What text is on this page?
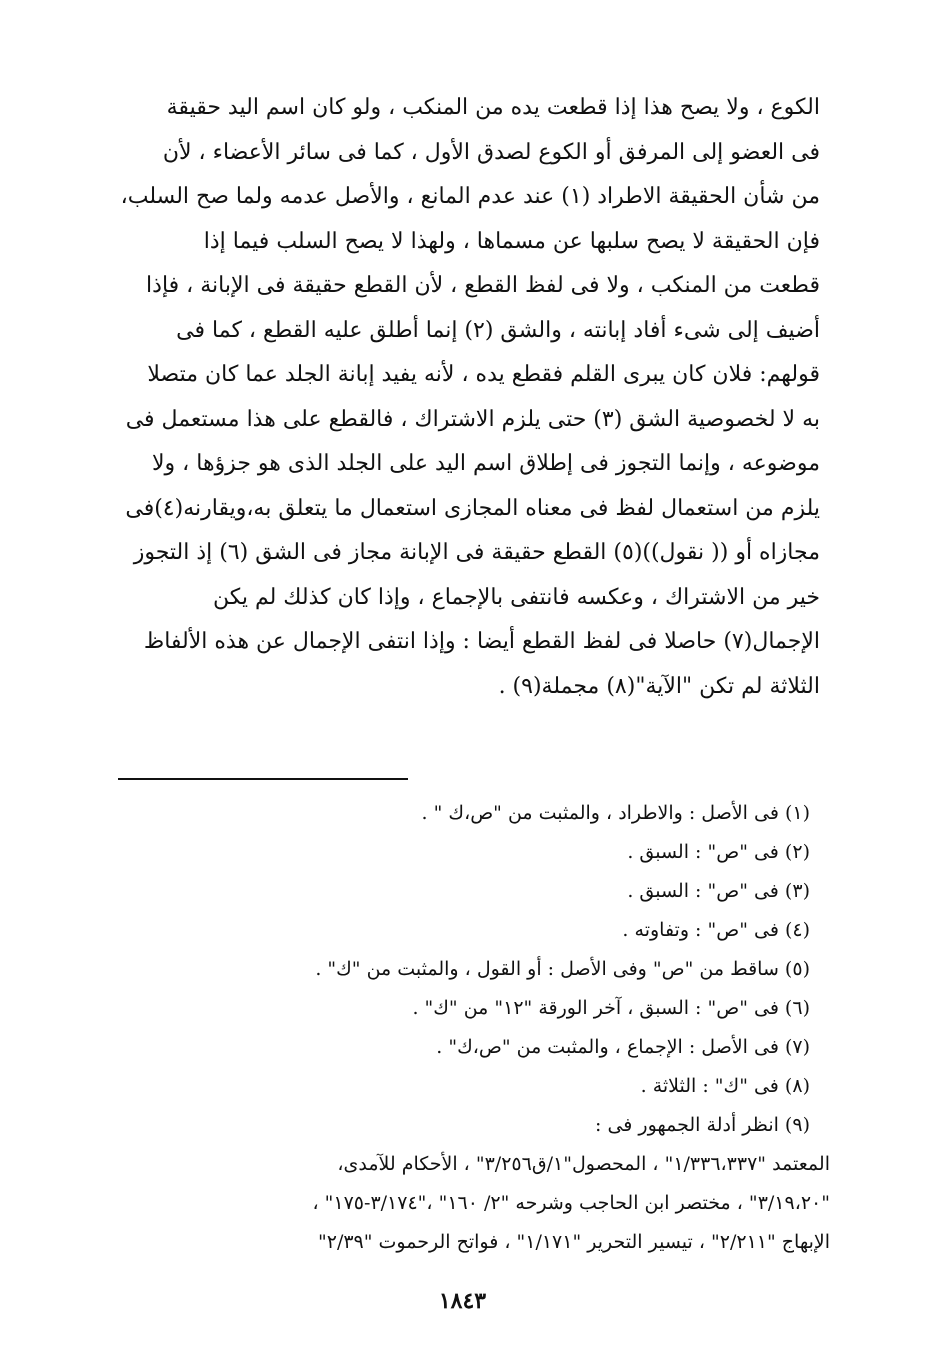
الكوع ، ولا يصح هذا إذا قطعت يده من المنكب ، ولو كان اسم اليد حقيقة
فى العضو إلى المرفق أو الكوع لصدق الأول ، كما فى سائر الأعضاء ، لأن
من شأن الحقيقة الاطراد (١) عند عدم المانع ، والأصل عدمه ولما صح السلب،
فإن الحقيقة لا يصح سلبها عن مسماها ، ولهذا لا يصح السلب فيما إذا
قطعت من المنكب ، ولا فى لفظ القطع ، لأن القطع حقيقة فى الإبانة ، فإذا
أضيف إلى شىء أفاد إبانته ، والشق (٢) إنما أطلق عليه القطع ، كما فى
قولهم: فلان كان يبرى القلم فقطع يده ، لأنه يفيد إبانة الجلد عما كان متصلا
به لا لخصوصية الشق (٣) حتى يلزم الاشتراك ، فالقطع على هذا مستعمل فى
موضوعه ، وإنما التجوز فى إطلاق اسم اليد على الجلد الذى هو جزؤها ، ولا
يلزم من استعمال لفظ فى معناه المجازى استعمال ما يتعلق به،ويقارنه(٤)فى
مجازاه أو (( نقول))(٥) القطع حقيقة فى الإبانة مجاز فى الشق (٦) إذ التجوز
خير من الاشتراك ، وعكسه فانتفى بالإجماع ، وإذا كان كذلك لم يكن
الإجمال(٧) حاصلا فى لفظ القطع أيضا : وإذا انتفى الإجمال عن هذه الألفاظ
الثلاثة لم تكن "الآية"(٨) مجملة(٩) .
(١) فى الأصل : والاطراد ، والمثبت من "ص،ك " .
(٢) فى "ص" : السبق .
(٣) فى "ص" : السبق .
(٤) فى "ص" : وتفاوته .
(٥) ساقط من "ص" وفى الأصل : أو القول ، والمثبت من "ك" .
(٦) فى "ص" : السبق ، آخر الورقة "١٢" من "ك" .
(٧) فى الأصل : الإجماع ، والمثبت من "ص،ك" .
(٨) فى "ك" : الثلاثة .
(٩) انظر أدلة الجمهور فى :
المعتمد "١/٣٣٦،٣٣٧" ، المحصول"١/ق٣/٢٥٦" ، الأحكام للآمدى،
"٣/١٩،٢٠" ، مختصر ابن الحاجب وشرحه "٢/ ١٦٠" ،"٣/١٧٤-١٧٥" ،
الإبهاج "٢/٢١١" ، تيسير التحرير "١/١٧١" ، فواتح الرحموت "٢/٣٩"
١٨٤٣
